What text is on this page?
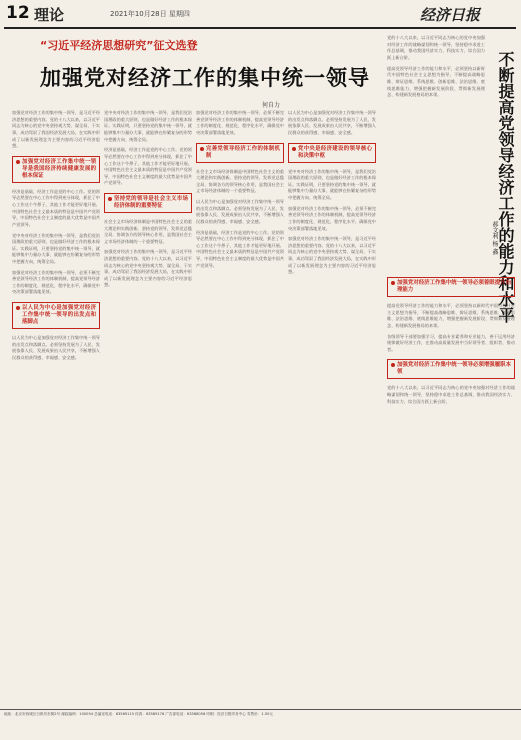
12 理论	2021年10月28日 星期四	经济日报
“习近平经济思想研究”征文选登
加强党对经济工作的集中统一领导
何自力

加强党对经济工作的集中统一领导，是习近平经济思想的重要内容。党的十八大以来，以习近平同志为核心的党中央坚持观大势、谋全局、干实事，成功驾驭了我国经济发展大局，在实践中形成了以新发展理念为主要内容的习近平经济思想。

加强党对经济工作集中统一领导是我国经济持续健康发展的根本保证

经济是基础，经济工作是党的中心工作。党的领导必然要在中心工作中得到充分体现，抓住了中心工作这个牛鼻子，其他工作才能更好地开展。中国特色社会主义最本质的特征是中国共产党领导，中国特色社会主义制度的最大优势是中国共产党领导。

党中央对经济工作的集中统一领导，是我们党治国理政的重大原则，也是做好经济工作的根本保证。实践证明，只要坚持党的集中统一领导，就能够集中力量办大事，就能够在纷繁复杂的形势中把握方向、统筹全局。

加强党对经济工作的集中统一领导，必须不断完善党领导经济工作的体制机制，提高党领导经济工作的制度化、规范化、程序化水平，确保党中央决策部署落地见效。

以人民为中心是加强党对经济工作集中统一领导的出发点和落脚点

以人民为中心是加强党对经济工作集中统一领导的出发点和落脚点。必须坚持发展为了人民、发展依靠人民、发展成果由人民共享，不断增强人民群众的获得感、幸福感、安全感。

党中央对经济工作的集中统一领导，是我们党治国理政的重大原则，也是做好经济工作的根本保证。实践证明，只要坚持党的集中统一领导，就能够集中力量办大事，就能够在纷繁复杂的形势中把握方向、统筹全局。

经济是基础，经济工作是党的中心工作。党的领导必然要在中心工作中得到充分体现，抓住了中心工作这个牛鼻子，其他工作才能更好地开展。中国特色社会主义最本质的特征是中国共产党领导，中国特色社会主义制度的最大优势是中国共产党领导。

坚持党的领导是社会主义市场经济体制的重要特征

社会主义市场经济体制是中国特色社会主义的重大理论和实践创新。坚持党的领导，发挥党总揽全局、协调各方的领导核心作用，是我国社会主义市场经济体制的一个重要特征。

加强党对经济工作的集中统一领导，是习近平经济思想的重要内容。党的十八大以来，以习近平同志为核心的党中央坚持观大势、谋全局、干实事，成功驾驭了我国经济发展大局，在实践中形成了以新发展理念为主要内容的习近平经济思想。

加强党对经济工作的集中统一领导，必须不断完善党领导经济工作的体制机制，提高党领导经济工作的制度化、规范化、程序化水平，确保党中央决策部署落地见效。

完善党领导经济工作的体制机制

社会主义市场经济体制是中国特色社会主义的重大理论和实践创新。坚持党的领导，发挥党总揽全局、协调各方的领导核心作用，是我国社会主义市场经济体制的一个重要特征。

以人民为中心是加强党对经济工作集中统一领导的出发点和落脚点。必须坚持发展为了人民、发展依靠人民、发展成果由人民共享，不断增强人民群众的获得感、幸福感、安全感。

经济是基础，经济工作是党的中心工作。党的领导必然要在中心工作中得到充分体现，抓住了中心工作这个牛鼻子，其他工作才能更好地开展。中国特色社会主义最本质的特征是中国共产党领导，中国特色社会主义制度的最大优势是中国共产党领导。

以人民为中心是加强党对经济工作集中统一领导的出发点和落脚点。必须坚持发展为了人民、发展依靠人民、发展成果由人民共享，不断增强人民群众的获得感、幸福感、安全感。

党中央是经济建设的领导核心和决策中枢

党中央对经济工作的集中统一领导，是我们党治国理政的重大原则，也是做好经济工作的根本保证。实践证明，只要坚持党的集中统一领导，就能够集中力量办大事，就能够在纷繁复杂的形势中把握方向、统筹全局。

加强党对经济工作的集中统一领导，必须不断完善党领导经济工作的体制机制，提高党领导经济工作的制度化、规范化、程序化水平，确保党中央决策部署落地见效。

加强党对经济工作的集中统一领导，是习近平经济思想的重要内容。党的十八大以来，以习近平同志为核心的党中央坚持观大势、谋全局、干实事，成功驾驭了我国经济发展大局，在实践中形成了以新发展理念为主要内容的习近平经济思想。	不断提高党领导经济工作的能力和水平
郝文利 杨 鑫

党的十八大以来，以习近平同志为核心的党中央加强对经济工作的战略谋划和统一领导，坚持稳中求进工作总基调，推动我国经济实力、科技实力、综合国力跃上新台阶。

提高党领导经济工作的能力和水平，必须坚持以新时代中国特色社会主义思想为指导，不断提高战略思维、辩证思维、系统思维、创新思维、法治思维、底线思维能力，增强把握新发展阶段、贯彻新发展理念、构建新发展格局的本领。

加强党对经济工作集中统一领导必须着眼提升治理能力

提高党领导经济工作的能力和水平，必须坚持以新时代中国特色社会主义思想为指导，不断提高战略思维、辩证思维、系统思维、创新思维、法治思维、底线思维能力，增强把握新发展阶段、贯彻新发展理念、构建新发展格局的本领。

各级领导干部要加强学习，提高专业素养和专业能力，善于运用经济规律做好经济工作，在推动高质量发展中当好领导者、组织者、推动者。

加强党对经济工作集中统一领导必须增强履职本领

党的十八大以来，以习近平同志为核心的党中央加强对经济工作的战略谋划和统一领导，坚持稳中求进工作总基调，推动我国经济实力、科技实力、综合国力跃上新台阶。

地址：北京市西城区白纸坊东街2号 邮政编码：100054 总编室电话：63589115 传真：63589176 广告部电话：63588056 印刷：经济日报印务中心 零售价：1.50元
